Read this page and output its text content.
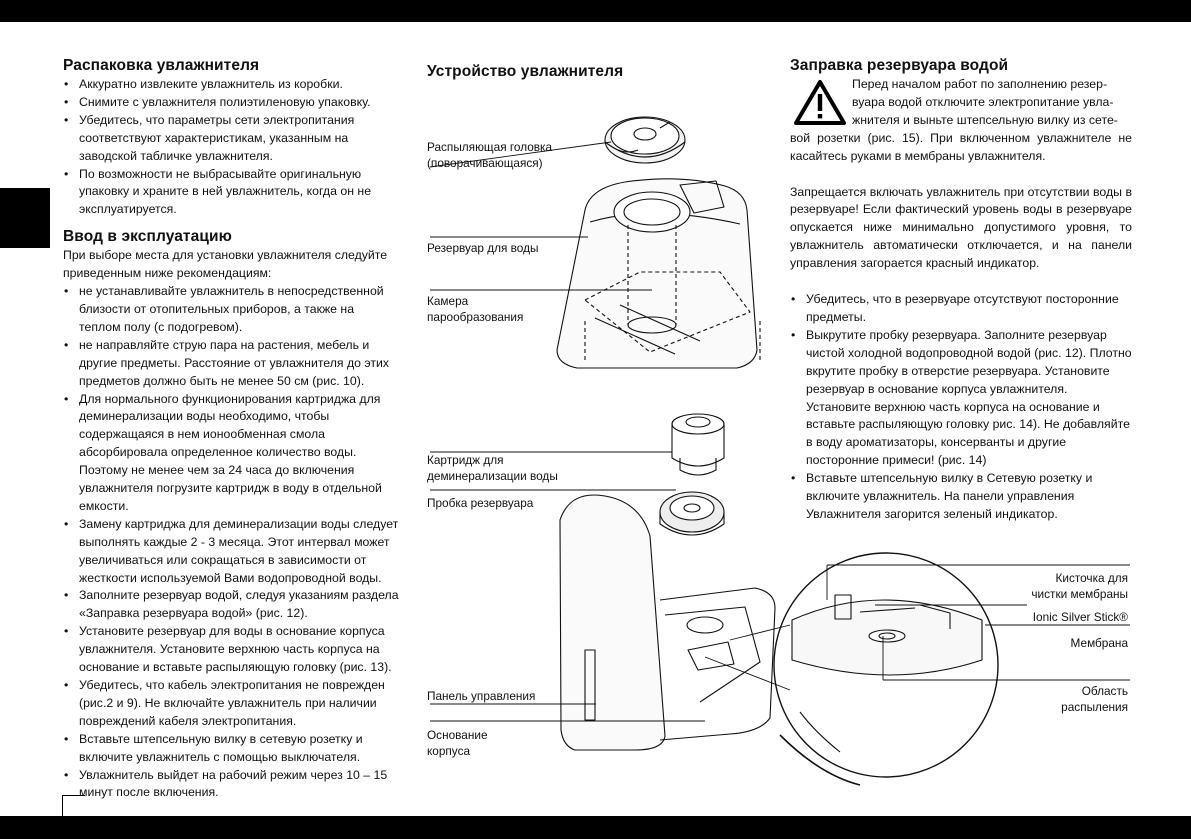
Распаковка увлажнителя
• Аккуратно извлеките увлажнитель из коробки.
• Снимите с увлажнителя полиэтиленовую упаковку.
• Убедитесь, что параметры сети электропитания соответствуют характеристикам, указанным на заводской табличке увлажнителя.
• По возможности не выбрасывайте оригинальную упаковку и храните в ней увлажнитель, когда он не эксплуатируется.
Ввод в эксплуатацию

При выборе места для установки увлажнителя следуйте приведенным ниже рекомендациям:

• не устанавливайте увлажнитель в непосредственной близости от отопительных приборов, а также на теплом полу (с подогревом).
• не направляйте струю пара на растения, мебель и другие предметы. Расстояние от увлажнителя до этих предметов должно быть не менее 50 см (рис. 10).
• Для нормального функционирования картриджа для деминерализации воды необходимо, чтобы содержащаяся в нем ионообменная смола абсорбировала определенное количество воды. Поэтому не менее чем за 24 часа до включения увлажнителя погрузите картридж в воду в отдельной емкости.
• Замену картриджа для деминерализации воды следует выполнять каждые 2 - 3 месяца. Этот интервал может увеличиваться или сокращаться в зависимости от жесткости используемой Вами водопроводной воды.
• Заполните резервуар водой, следуя указаниям раздела «Заправка резервуара водой» (рис. 12).
• Установите резервуар для воды в основание корпуса увлажнителя. Установите верхнюю часть корпуса на основание и вставьте распыляющую головку (рис. 13).
• Убедитесь, что кабель электропитания не поврежден (рис.2 и 9). Не включайте увлажнитель при наличии повреждений кабеля электропитания.
• Вставьте штепсельную вилку в сетевую розетку и включите увлажнитель с помощью выключателя.
• Увлажнитель выйдет на рабочий режим через 10 – 15 минут после включения.
Устройство увлажнителя
Распыляющая головка
(поворачивающаяся)
Резервуар для воды
Камера
парообразования
Картридж для
деминерализации воды
Пробка резервуара
Панель управления
Основание
корпуса
Заправка резервуара водой

Перед началом работ по заполнению резер-

вуара водой отключите электропитание увла-

жнителя и выньте штепсельную вилку из сете-

вой розетки (рис. 15). При включенном увлажнителе не касайтесь руками в мембраны увлажнителя.

Запрещается включать увлажнитель при отсутствии воды в резервуаре! Если фактический уровень воды в резервуаре опускается ниже минимально допустимого уровня, то увлажнитель автоматически отключается, и на панели управления загорается красный индикатор.

• Убедитесь, что в резервуаре отсутствуют посторонние предметы.
• Выкрутите пробку резервуара. Заполните резервуар чистой холодной водопроводной водой (рис. 12). Плотно вкрутите пробку в отверстие резервуара. Установите резервуар в основание корпуса увлажнителя. Установите верхнюю часть корпуса на основание и вставьте распыляющую головку рис. 14). Не добавляйте в воду ароматизаторы, консерванты и другие посторонние примеси! (рис. 14)
• Вставьте штепсельную вилку в Сетевую розетку и включите увлажнитель. На панели управления Увлажнителя загорится зеленый индикатор.
Кисточка для
чистки мембраны
Ionic Silver Stick®
Мембрана
Область
распыления
